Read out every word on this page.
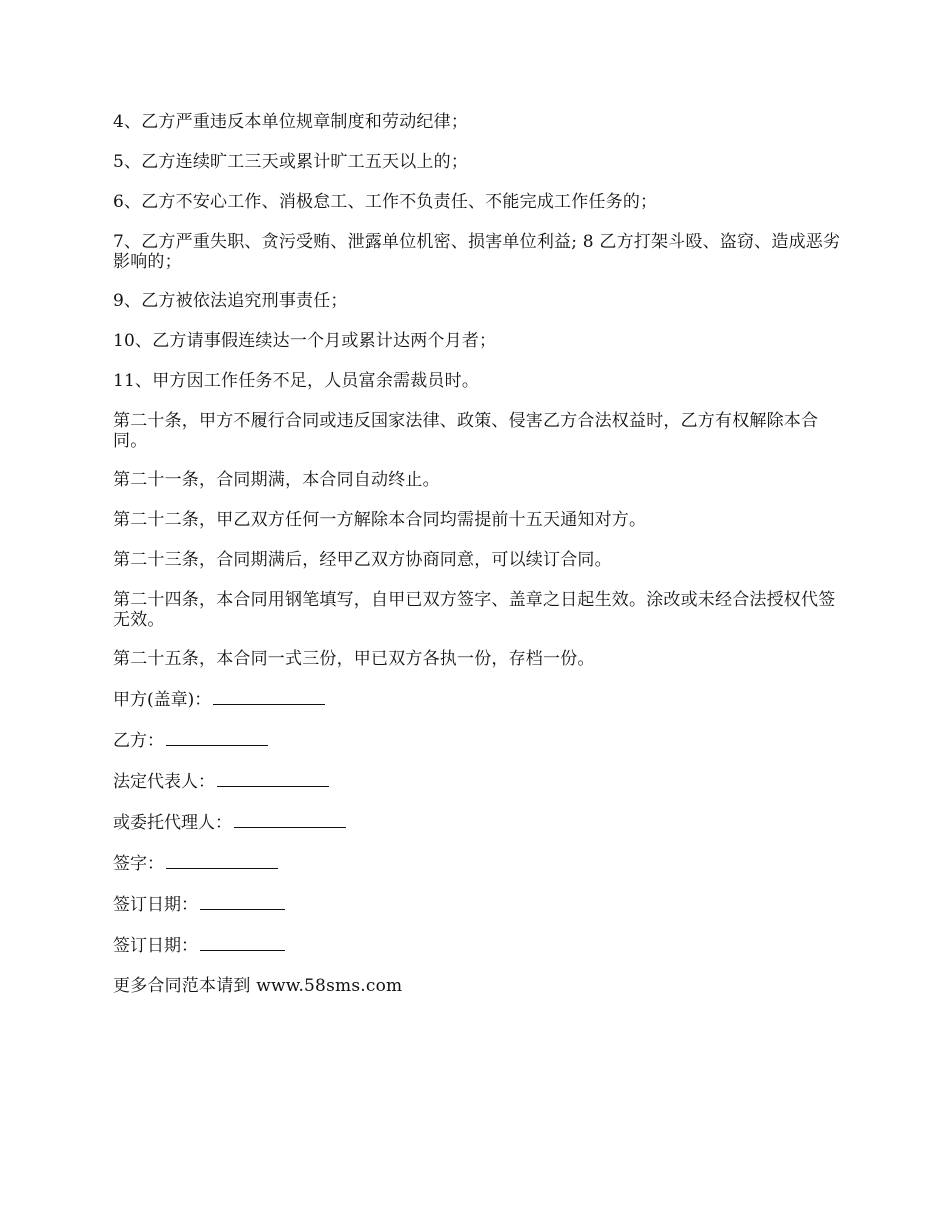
4、乙方严重违反本单位规章制度和劳动纪律；

5、乙方连续旷工三天或累计旷工五天以上的；

6、乙方不安心工作、消极怠工、工作不负责任、不能完成工作任务的；

7、乙方严重失职、贪污受贿、泄露单位机密、损害单位利益; 8 乙方打架斗殴、盗窃、造成恶劣影响的；

9、乙方被依法追究刑事责任；

10、乙方请事假连续达一个月或累计达两个月者；

11、甲方因工作任务不足，人员富余需裁员时。

第二十条，甲方不履行合同或违反国家法律、政策、侵害乙方合法权益时，乙方有权解除本合同。

第二十一条，合同期满，本合同自动终止。

第二十二条，甲乙双方任何一方解除本合同均需提前十五天通知对方。

第二十三条，合同期满后，经甲乙双方协商同意，可以续订合同。

第二十四条，本合同用钢笔填写，自甲已双方签字、盖章之日起生效。涂改或未经合法授权代签无效。

第二十五条，本合同一式三份，甲已双方各执一份，存档一份。

甲方(盖章)：
乙方：
法定代表人：
或委托代理人：
签字：
签订日期：
签订日期：

更多合同范本请到 www.58sms.com
